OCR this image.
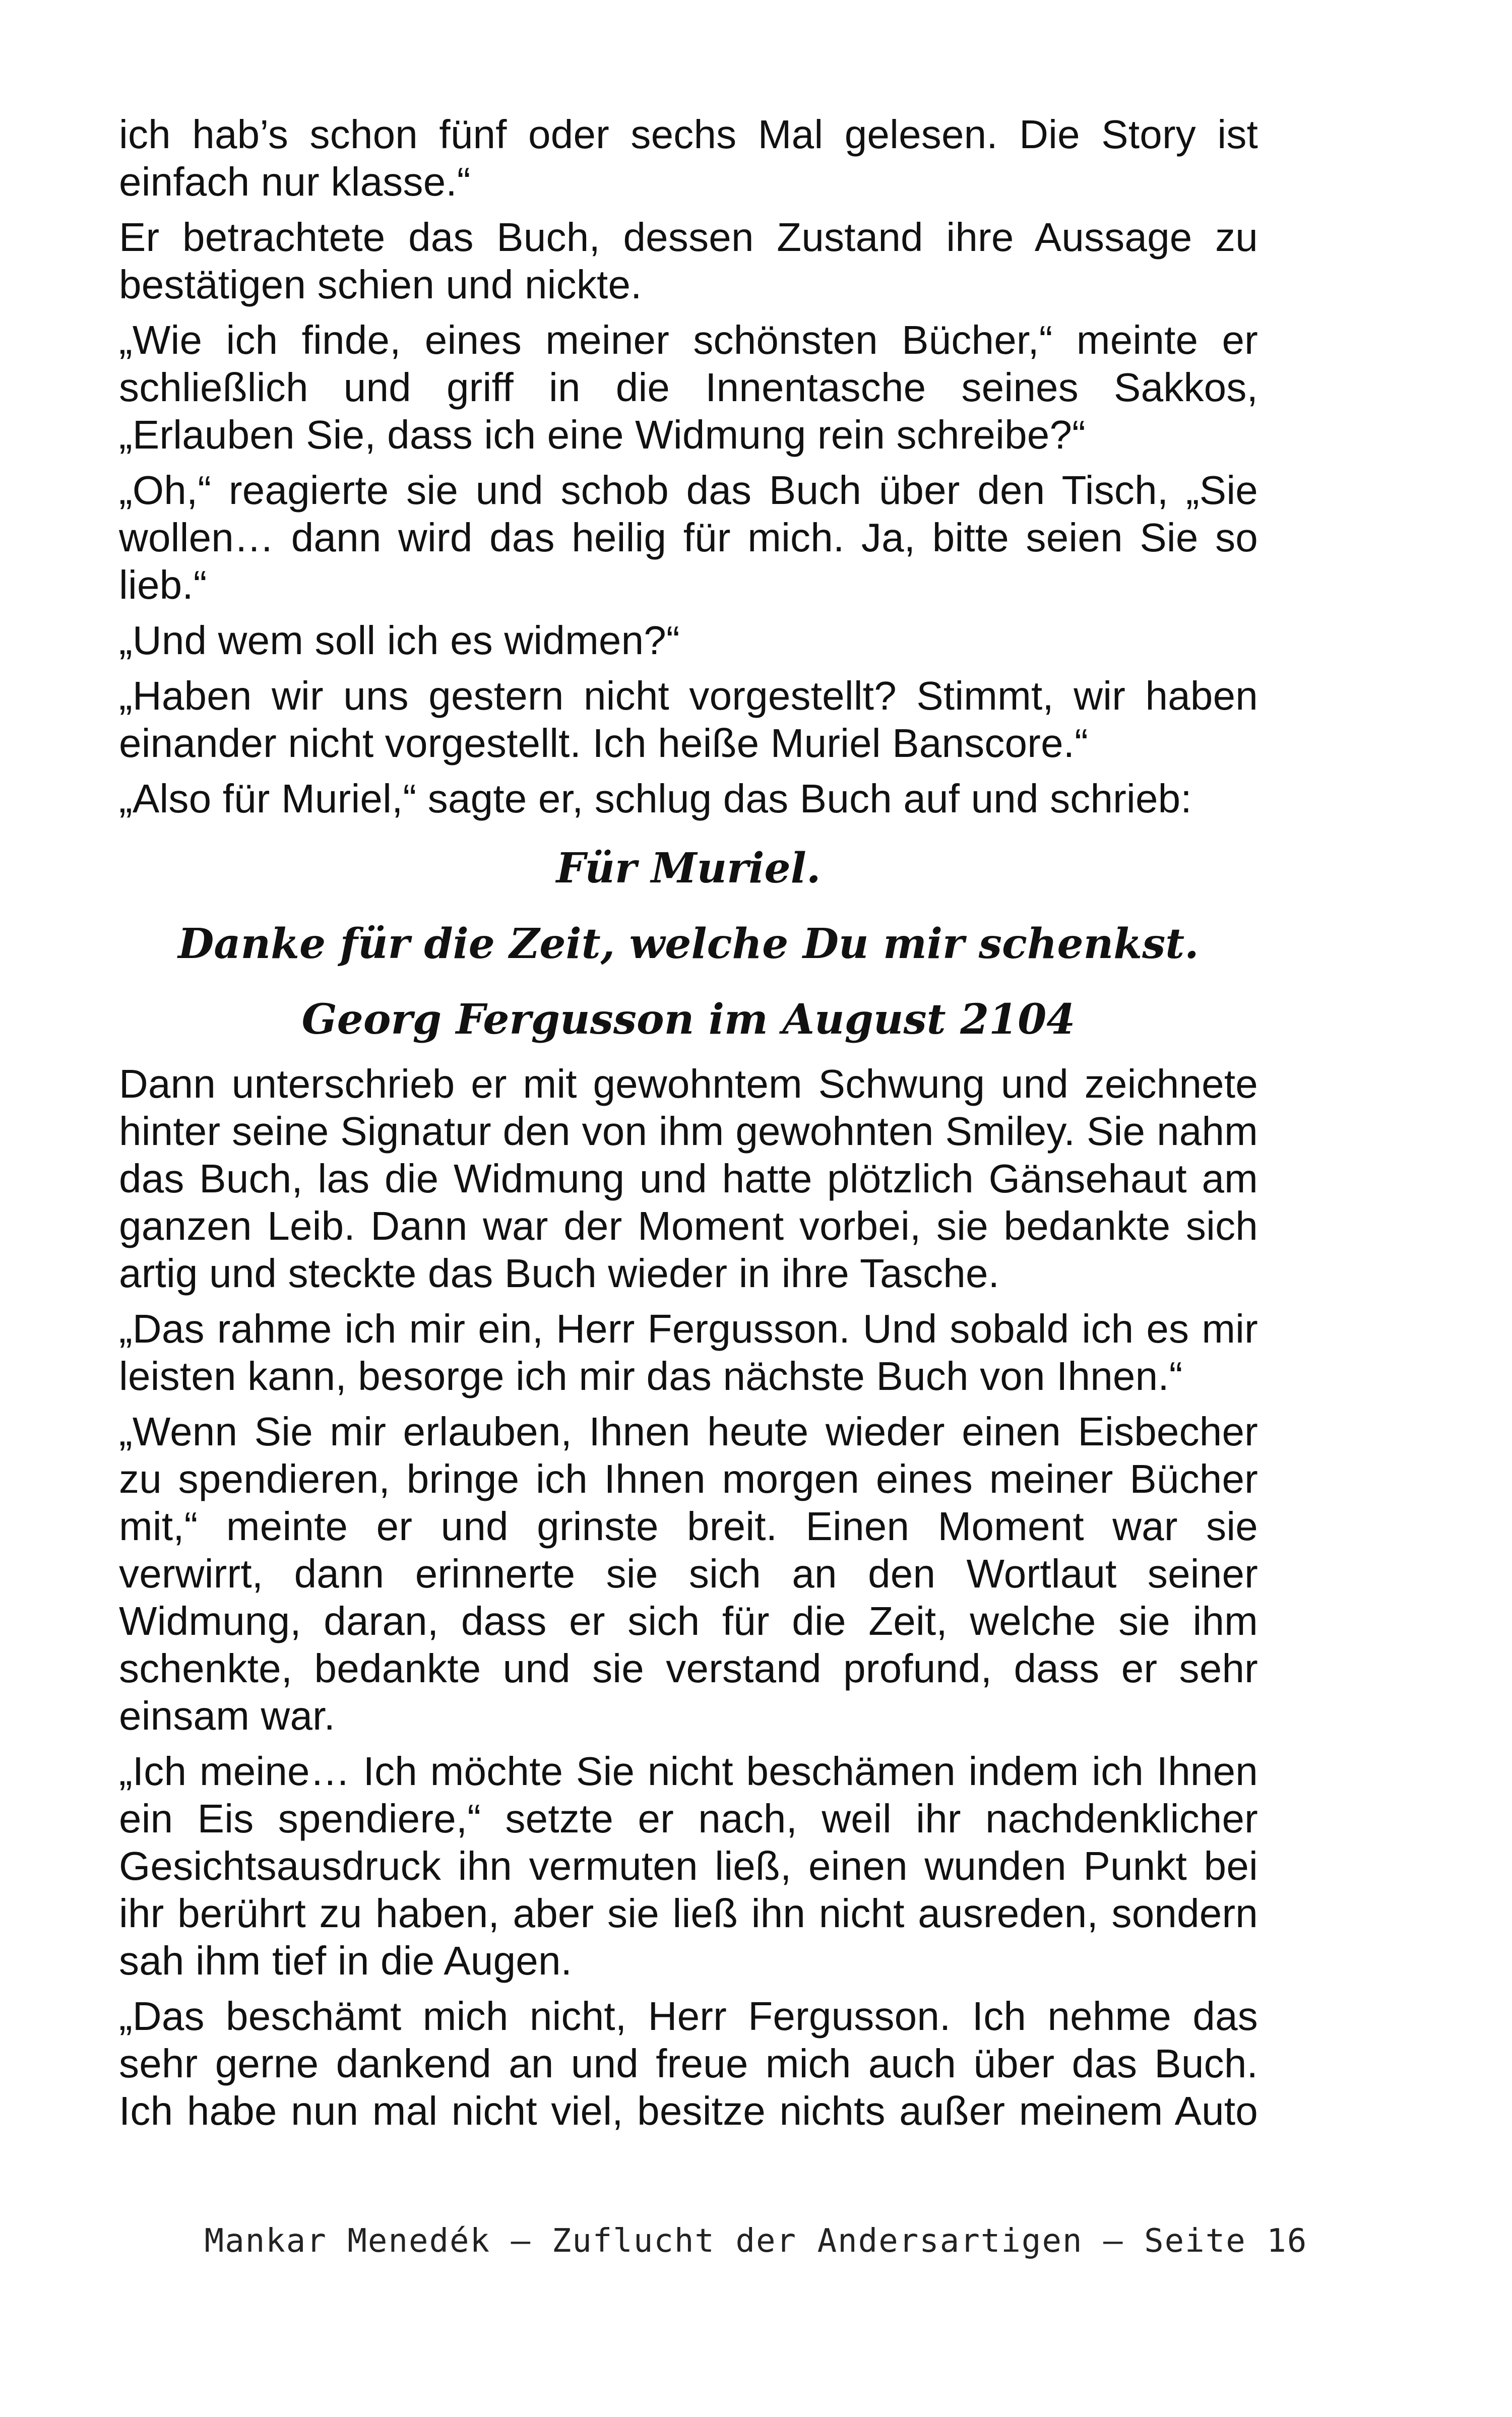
ich hab’s schon fünf oder sechs Mal gelesen. Die Story ist einfach nur klasse.“

Er betrachtete das Buch, dessen Zustand ihre Aussage zu bestätigen schien und nickte.

„Wie ich finde, eines meiner schönsten Bücher,“ meinte er schließlich und griff in die Innentasche seines Sakkos, „Erlauben Sie, dass ich eine Widmung rein schreibe?“

„Oh,“ reagierte sie und schob das Buch über den Tisch, „Sie wollen… dann wird das heilig für mich. Ja, bitte seien Sie so lieb.“

„Und wem soll ich es widmen?“

„Haben wir uns gestern nicht vorgestellt? Stimmt, wir haben einander nicht vorgestellt. Ich heiße Muriel Banscore.“

„Also für Muriel,“ sagte er, schlug das Buch auf und schrieb:

Für Muriel.
Danke für die Zeit, welche Du mir schenkst.
Georg Fergusson im August 2104

Dann unterschrieb er mit gewohntem Schwung und zeichnete hinter seine Signatur den von ihm gewohnten Smiley. Sie nahm das Buch, las die Widmung und hatte plötzlich Gänsehaut am ganzen Leib. Dann war der Moment vorbei, sie bedankte sich artig und steckte das Buch wieder in ihre Tasche.

„Das rahme ich mir ein, Herr Fergusson. Und sobald ich es mir leisten kann, besorge ich mir das nächste Buch von Ihnen.“

„Wenn Sie mir erlauben, Ihnen heute wieder einen Eisbecher zu spendieren, bringe ich Ihnen morgen eines meiner Bücher mit,“ meinte er und grinste breit. Einen Moment war sie verwirrt, dann erinnerte sie sich an den Wortlaut seiner Widmung, daran, dass er sich für die Zeit, welche sie ihm schenkte, bedankte und sie verstand profund, dass er sehr einsam war.

„Ich meine… Ich möchte Sie nicht beschämen indem ich Ihnen ein Eis spendiere,“ setzte er nach, weil ihr nachdenklicher Gesichtsausdruck ihn vermuten ließ, einen wunden Punkt bei ihr berührt zu haben, aber sie ließ ihn nicht ausreden, sondern sah ihm tief in die Augen.

„Das beschämt mich nicht, Herr Fergusson. Ich nehme das sehr gerne dankend an und freue mich auch über das Buch. Ich habe nun mal nicht viel, besitze nichts außer meinem Auto

Mankar Menedék – Zuflucht der Andersartigen – Seite 16
